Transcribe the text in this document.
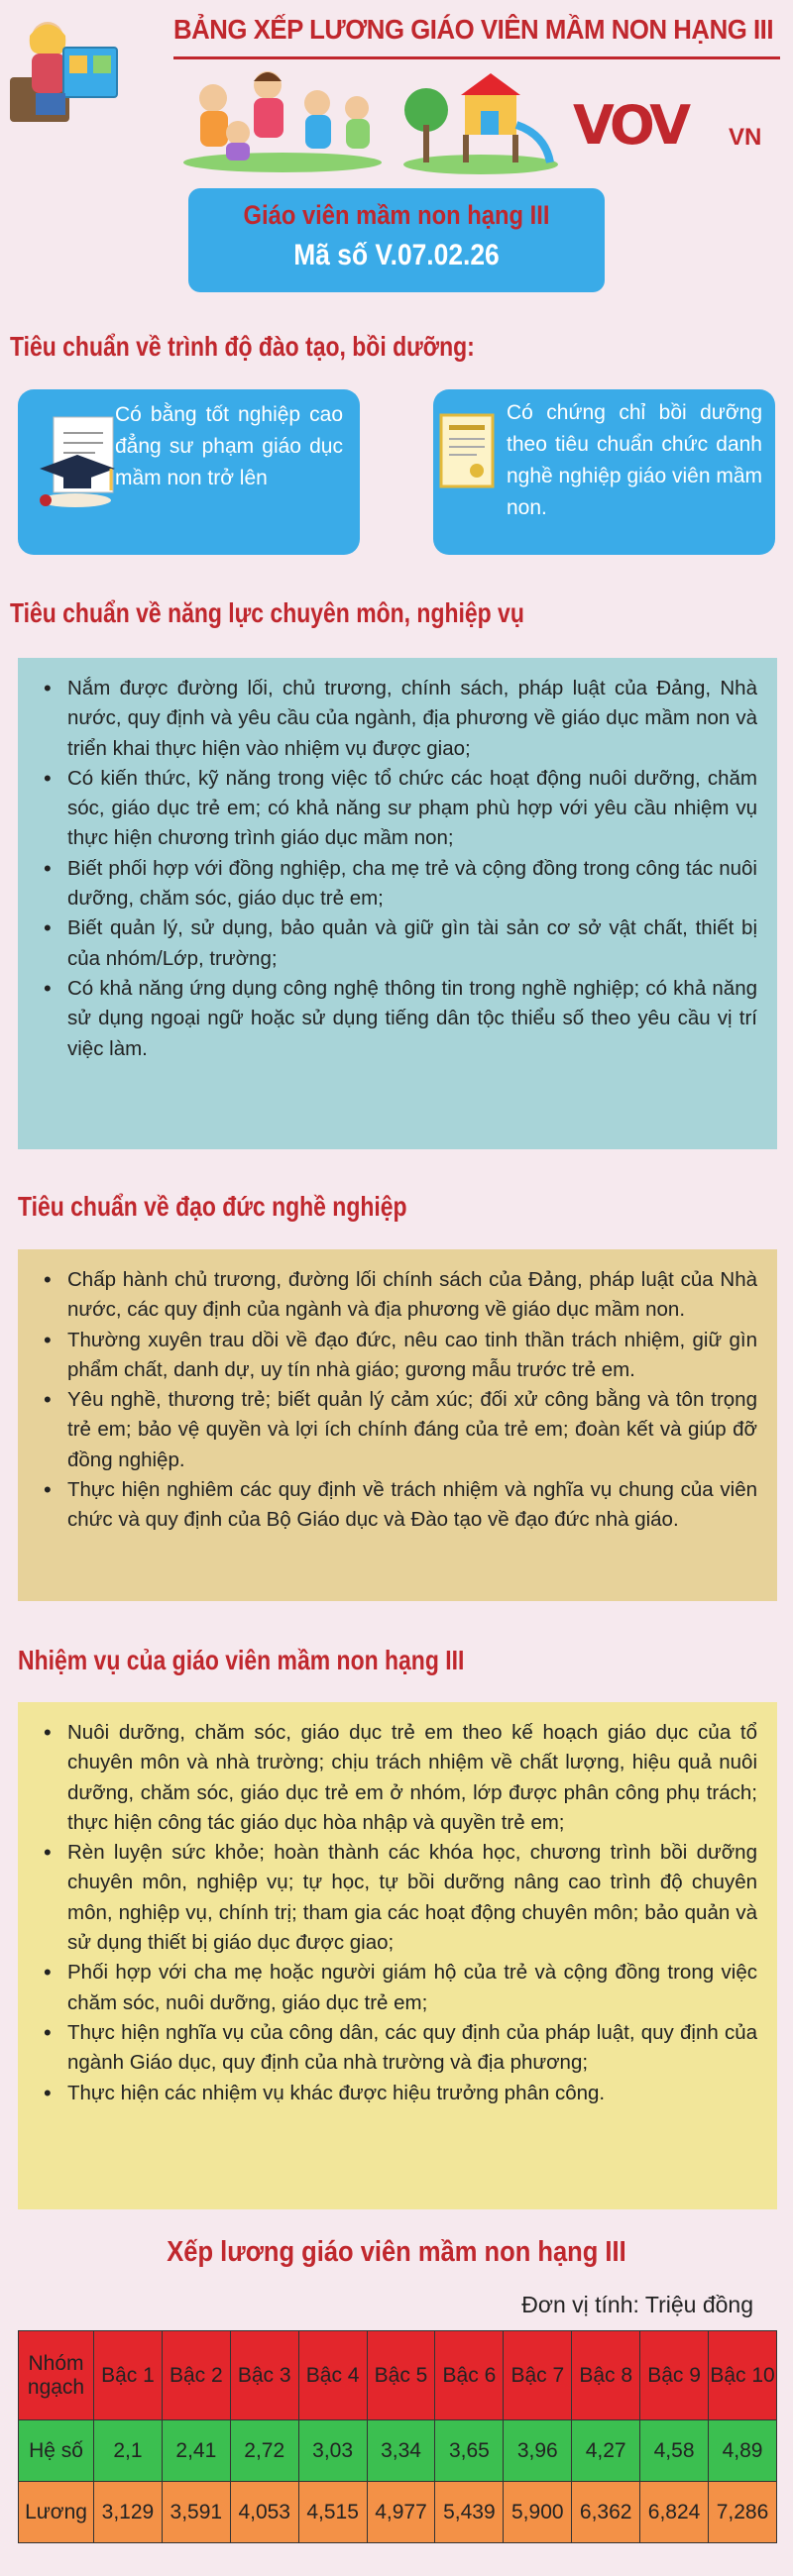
BẢNG XẾP LƯƠNG GIÁO VIÊN MẦM NON HẠNG III
VOV VN
Giáo viên mầm non hạng III
Mã số V.07.02.26
Tiêu chuẩn về trình độ đào tạo, bồi dưỡng:
Có bằng tốt nghiệp cao đẳng sư phạm giáo dục mầm non trở lên
Có chứng chỉ bồi dưỡng theo tiêu chuẩn chức danh nghề nghiệp giáo viên mầm non.
Tiêu chuẩn về năng lực chuyên môn, nghiệp vụ
• Nắm được đường lối, chủ trương, chính sách, pháp luật của Đảng, Nhà nước, quy định và yêu cầu của ngành, địa phương về giáo dục mầm non và triển khai thực hiện vào nhiệm vụ được giao;
• Có kiến thức, kỹ năng trong việc tổ chức các hoạt động nuôi dưỡng, chăm sóc, giáo dục trẻ em; có khả năng sư phạm phù hợp với yêu cầu nhiệm vụ thực hiện chương trình giáo dục mầm non;
• Biết phối hợp với đồng nghiệp, cha mẹ trẻ và cộng đồng trong công tác nuôi dưỡng, chăm sóc, giáo dục trẻ em;
• Biết quản lý, sử dụng, bảo quản và giữ gìn tài sản cơ sở vật chất, thiết bị của nhóm/Lớp, trường;
• Có khả năng ứng dụng công nghệ thông tin trong nghề nghiệp; có khả năng sử dụng ngoại ngữ hoặc sử dụng tiếng dân tộc thiểu số theo yêu cầu vị trí việc làm.
Tiêu chuẩn về đạo đức nghề nghiệp
• Chấp hành chủ trương, đường lối chính sách của Đảng, pháp luật của Nhà nước, các quy định của ngành và địa phương về giáo dục mầm non.
• Thường xuyên trau dồi về đạo đức, nêu cao tinh thần trách nhiệm, giữ gìn phẩm chất, danh dự, uy tín nhà giáo; gương mẫu trước trẻ em.
• Yêu nghề, thương trẻ; biết quản lý cảm xúc; đối xử công bằng và tôn trọng trẻ em; bảo vệ quyền và lợi ích chính đáng của trẻ em; đoàn kết và giúp đỡ đồng nghiệp.
• Thực hiện nghiêm các quy định về trách nhiệm và nghĩa vụ chung của viên chức và quy định của Bộ Giáo dục và Đào tạo về đạo đức nhà giáo.
Nhiệm vụ của giáo viên mầm non hạng III
• Nuôi dưỡng, chăm sóc, giáo dục trẻ em theo kế hoạch giáo dục của tổ chuyên môn và nhà trường; chịu trách nhiệm về chất lượng, hiệu quả nuôi dưỡng, chăm sóc, giáo dục trẻ em ở nhóm, lớp được phân công phụ trách; thực hiện công tác giáo dục hòa nhập và quyền trẻ em;
• Rèn luyện sức khỏe; hoàn thành các khóa học, chương trình bồi dưỡng chuyên môn, nghiệp vụ; tự học, tự bồi dưỡng nâng cao trình độ chuyên môn, nghiệp vụ, chính trị; tham gia các hoạt động chuyên môn; bảo quản và sử dụng thiết bị giáo dục được giao;
• Phối hợp với cha mẹ hoặc người giám hộ của trẻ và cộng đồng trong việc chăm sóc, nuôi dưỡng, giáo dục trẻ em;
• Thực hiện nghĩa vụ của công dân, các quy định của pháp luật, quy định của ngành Giáo dục, quy định của nhà trường và địa phương;
• Thực hiện các nhiệm vụ khác được hiệu trưởng phân công.
Xếp lương giáo viên mầm non hạng III
Đơn vị tính: Triệu đồng
Nhóm ngạch	Bậc 1	Bậc 2	Bậc 3	Bậc 4	Bậc 5	Bậc 6	Bậc 7	Bậc 8	Bậc 9	Bậc 10
Hệ số	2,1	2,41	2,72	3,03	3,34	3,65	3,96	4,27	4,58	4,89
Lương	3,129	3,591	4,053	4,515	4,977	5,439	5,900	6,362	6,824	7,286
